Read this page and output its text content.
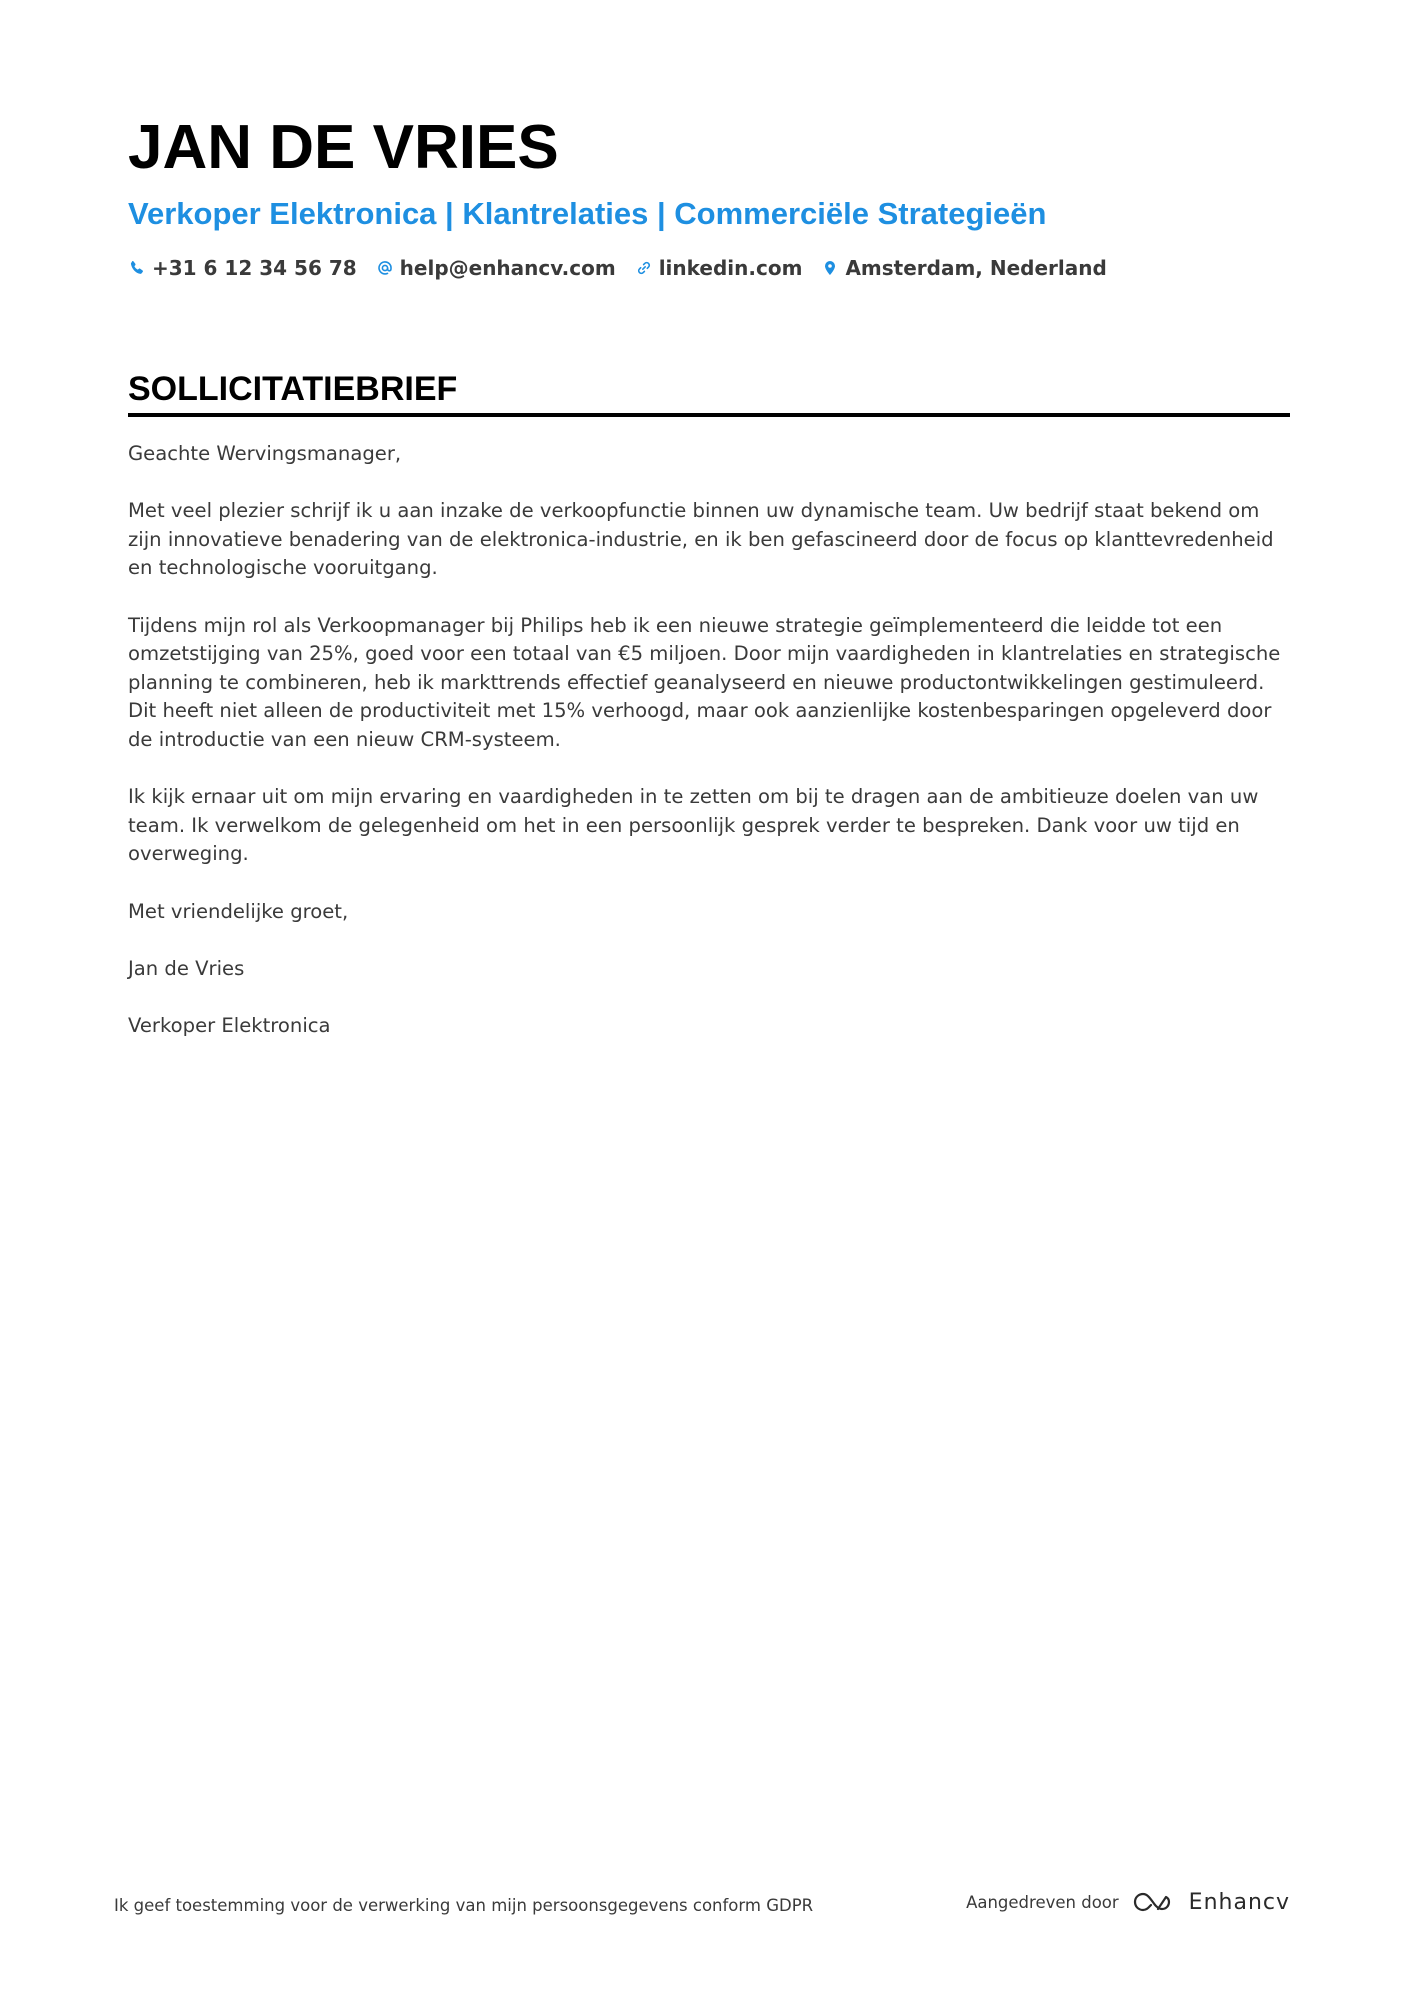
JAN DE VRIES
Verkoper Elektronica | Klantrelaties | Commerciële Strategieën
+31 6 12 34 56 78 help@enhancv.com linkedin.com Amsterdam, Nederland
SOLLICITATIEBRIEF

Geachte Wervingsmanager,

Met veel plezier schrijf ik u aan inzake de verkoopfunctie binnen uw dynamische team. Uw bedrijf staat bekend om zijn innovatieve benadering van de elektronica-industrie, en ik ben gefascineerd door de focus op klanttevredenheid en technologische vooruitgang.

Tijdens mijn rol als Verkoopmanager bij Philips heb ik een nieuwe strategie geïmplementeerd die leidde tot een omzetstijging van 25%, goed voor een totaal van €5 miljoen. Door mijn vaardigheden in klantrelaties en strategische planning te combineren, heb ik markttrends effectief geanalyseerd en nieuwe productontwikkelingen gestimuleerd. Dit heeft niet alleen de productiviteit met 15% verhoogd, maar ook aanzienlijke kostenbesparingen opgeleverd door de introductie van een nieuw CRM-systeem.

Ik kijk ernaar uit om mijn ervaring en vaardigheden in te zetten om bij te dragen aan de ambitieuze doelen van uw team. Ik verwelkom de gelegenheid om het in een persoonlijk gesprek verder te bespreken. Dank voor uw tijd en overweging.

Met vriendelijke groet,

Jan de Vries

Verkoper Elektronica

Ik geef toestemming voor de verwerking van mijn persoonsgegevens conform GDPR	Aangedreven door	Enhancv
